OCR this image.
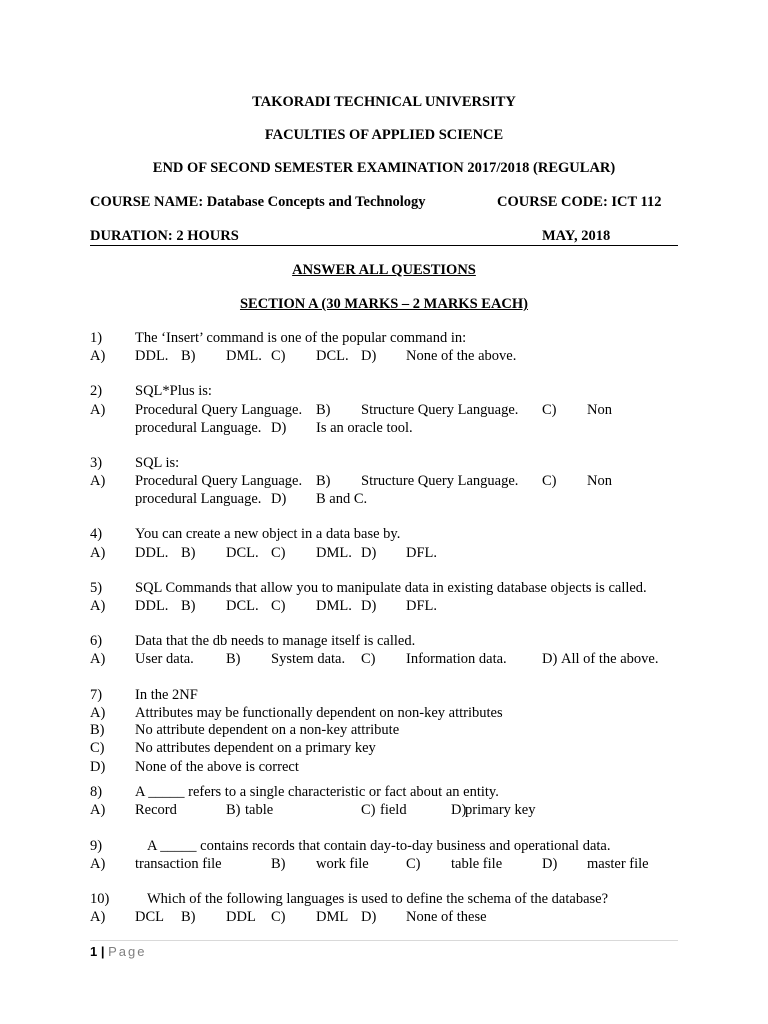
TAKORADI TECHNICAL UNIVERSITY
FACULTIES OF APPLIED SCIENCE
END OF SECOND SEMESTER EXAMINATION 2017/2018 (REGULAR)
COURSE NAME: Database Concepts and Technology	COURSE CODE: ICT 112
DURATION: 2 HOURS	MAY, 2018
ANSWER ALL QUESTIONS
SECTION A (30 MARKS – 2 MARKS EACH)
1) The ‘Insert’ command is one of the popular command in:
A) DDL. B) DML. C) DCL. D) None of the above.
2) SQL*Plus is:
A) Procedural Query Language. B) Structure Query Language. C) Non
procedural Language. D) Is an oracle tool.
3) SQL is:
A) Procedural Query Language. B) Structure Query Language. C) Non
procedural Language. D) B and C.
4) You can create a new object in a data base by.
A) DDL. B) DCL. C) DML. D) DFL.
5) SQL Commands that allow you to manipulate data in existing database objects is called.
A) DDL. B) DCL. C) DML. D) DFL.
6) Data that the db needs to manage itself is called.
A) User data. B) System data. C) Information data. D) All of the above.
7) In the 2NF
A) Attributes may be functionally dependent on non-key attributes
B) No attribute dependent on a non-key attribute
C) No attributes dependent on a primary key
D) None of the above is correct
8) A _____ refers to a single characteristic or fact about an entity.
A) Record	B) table	C) field	D)
primary key
9)	A _____ contains records that contain day-to-day business and operational data.
A) transaction file	B) work file	C) table file	D) master file
10)	Which of the following languages is used to define the schema of the database?
A) DCL B) DDL C) DML D) None of these
1 | Page
